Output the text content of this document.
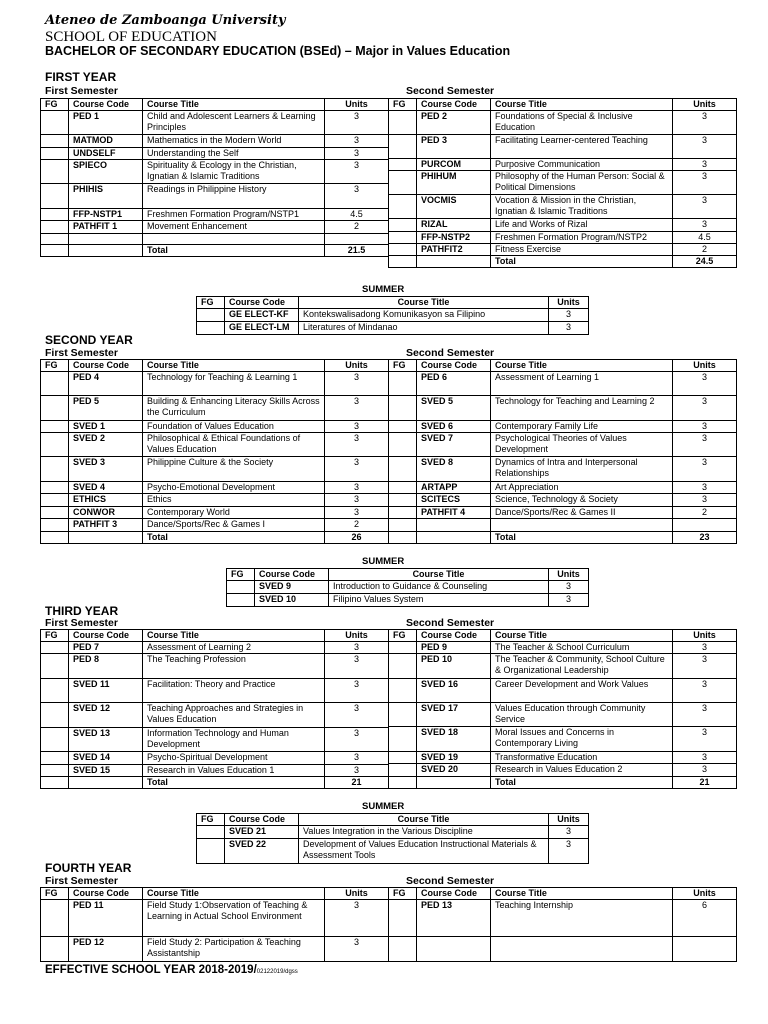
Ateneo de Zamboanga University
SCHOOL OF EDUCATION
BACHELOR OF SECONDARY EDUCATION (BSEd) – Major in Values Education
FIRST YEAR
First Semester	Second Semester
FG	Course Code	Course Title	Units
	PED 1	Child and Adolescent Learners & Learning Principles	3
	MATMOD	Mathematics in the Modern World	3
	UNDSELF	Understanding the Self	3
	SPIECO	Spirituality & Ecology in the Christian, Ignatian & Islamic Traditions	3
	PHIHIS	Readings in Philippine History	3
	FFP-NSTP1	Freshmen Formation Program/NSTP1	4.5
	PATHFIT 1	Movement Enhancement	2

		Total	21.5
FG	Course Code	Course Title	Units
	PED 2	Foundations of Special & Inclusive Education	3
	PED 3	Facilitating Learner-centered Teaching	3
	PURCOM	Purposive Communication	3
	PHIHUM	Philosophy of the Human Person: Social & Political Dimensions	3
	VOCMIS	Vocation & Mission in the Christian, Ignatian & Islamic Traditions	3
	RIZAL	Life and Works of Rizal	3
	FFP-NSTP2	Freshmen Formation Program/NSTP2	4.5
	PATHFIT2	Fitness Exercise	2
		Total	24.5
SUMMER
FG	Course Code	Course Title	Units
	GE ELECT-KF	Kontekswalisadong Komunikasyon sa Filipino	3
	GE ELECT-LM	Literatures of Mindanao	3
SECOND YEAR
First Semester	Second Semester
FG	Course Code	Course Title	Units
	PED 4	Technology for Teaching & Learning 1	3
	PED 5	Building & Enhancing Literacy Skills Across the Curriculum	3
	SVED 1	Foundation of Values Education	3
	SVED 2	Philosophical & Ethical Foundations of Values Education	3
	SVED 3	Philippine Culture & the Society	3
	SVED 4	Psycho-Emotional Development	3
	ETHICS	Ethics	3
	CONWOR	Contemporary World	3
	PATHFIT 3	Dance/Sports/Rec & Games I	2
		Total	26
FG	Course Code	Course Title	Units
	PED 6	Assessment of Learning 1	3
	SVED 5	Technology for Teaching and Learning 2	3
	SVED 6	Contemporary Family Life	3
	SVED 7	Psychological Theories of Values Development	3
	SVED 8	Dynamics of Intra and Interpersonal Relationships	3
	ARTAPP	Art Appreciation	3
	SCITECS	Science, Technology & Society	3
	PATHFIT 4	Dance/Sports/Rec & Games II	2

		Total	23
SUMMER
FG	Course Code	Course Title	Units
	SVED 9	Introduction to Guidance & Counseling	3
	SVED 10	Filipino Values System	3
THIRD YEAR
First Semester	Second Semester
FG	Course Code	Course Title	Units
	PED 7	Assessment of Learning 2	3
	PED 8	The Teaching Profession	3
	SVED 11	Facilitation: Theory and Practice	3
	SVED 12	Teaching Approaches and Strategies in Values Education	3
	SVED 13	Information Technology and Human Development	3
	SVED 14	Psycho-Spiritual Development	3
	SVED 15	Research in Values Education 1	3
		Total	21
FG	Course Code	Course Title	Units
	PED 9	The Teacher & School Curriculum	3
	PED 10	The Teacher & Community, School Culture & Organizational Leadership	3
	SVED 16	Career Development and Work Values	3
	SVED 17	Values Education through Community Service	3
	SVED 18	Moral Issues and Concerns in Contemporary Living	3
	SVED 19	Transformative Education	3
	SVED 20	Research in Values Education 2	3
		Total	21
SUMMER
FG	Course Code	Course Title	Units
	SVED 21	Values Integration in the Various Discipline	3
	SVED 22	Development of Values Education Instructional Materials & Assessment Tools	3
FOURTH YEAR
First Semester	Second Semester
FG	Course Code	Course Title	Units
	PED 11	Field Study 1:Observation of Teaching & Learning in Actual School Environment	3
	PED 12	Field Study 2: Participation & Teaching Assistantship	3
FG	Course Code	Course Title	Units
	PED 13	Teaching Internship	6

EFFECTIVE SCHOOL YEAR 2018-2019/02122019/dgss
